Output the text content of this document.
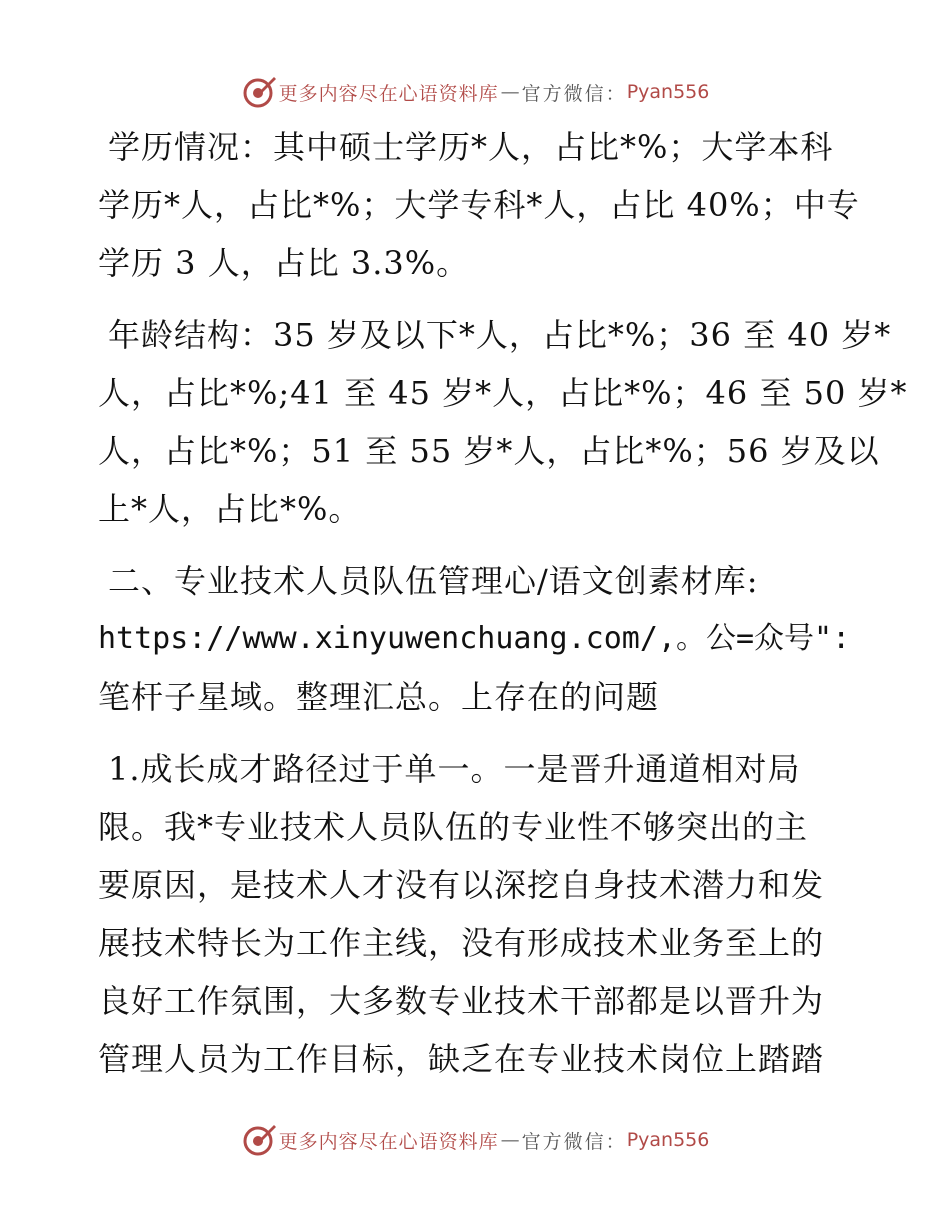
更多内容尽在心语资料库 — 官方微信： Pyan556
学历情况：其中硕士学历*人，占比*%；大学本科
学历*人，占比*%；大学专科*人，占比 40%；中专
学历 3 人，占比 3.3%。
年龄结构：35 岁及以下*人，占比*%；36 至 40 岁*
人，占比*%;41 至 45 岁*人，占比*%；46 至 50 岁*
人，占比*%；51 至 55 岁*人，占比*%；56 岁及以
上*人，占比*%。
二、专业技术人员队伍管理心/语文创素材库:
https://www.xinyuwenchuang.com/,。公=众号":
笔杆子星域。整理汇总。上存在的问题
1.成长成才路径过于单一。一是晋升通道相对局
限。我*专业技术人员队伍的专业性不够突出的主
要原因，是技术人才没有以深挖自身技术潜力和发
展技术特长为工作主线，没有形成技术业务至上的
良好工作氛围，大多数专业技术干部都是以晋升为
管理人员为工作目标，缺乏在专业技术岗位上踏踏
更多内容尽在心语资料库 — 官方微信： Pyan556
